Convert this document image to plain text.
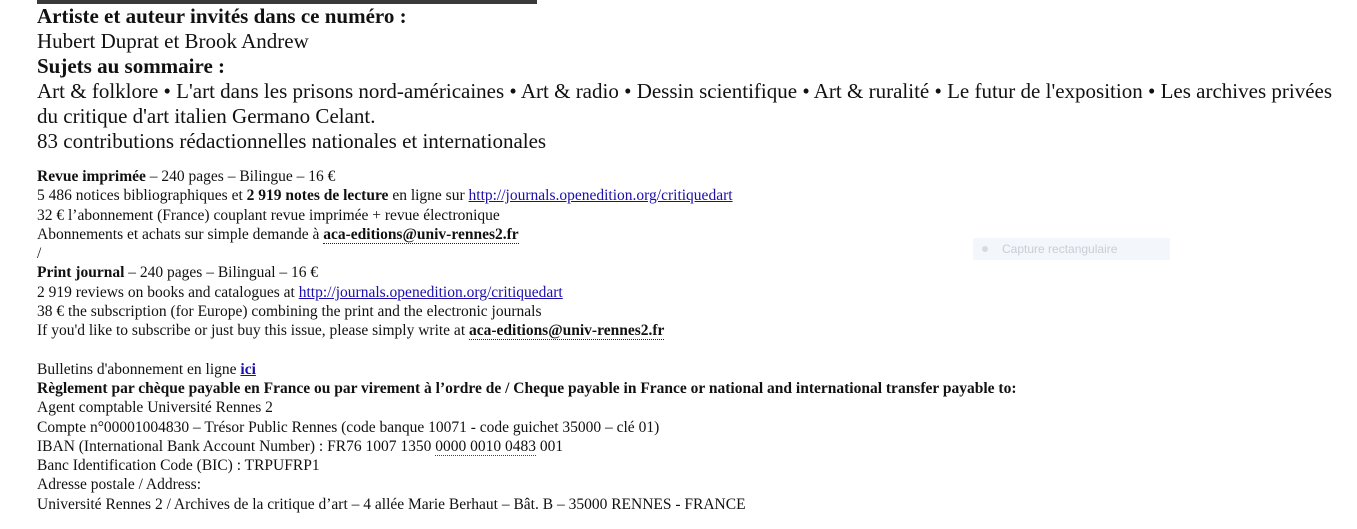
Artiste et auteur invités dans ce numéro :
Hubert Duprat et Brook Andrew
Sujets au sommaire :
Art & folklore • L'art dans les prisons nord-américaines • Art & radio • Dessin scientifique • Art & ruralité • Le futur de l'exposition • Les archives privées du critique d'art italien Germano Celant.
83 contributions rédactionnelles nationales et internationales
Revue imprimée – 240 pages – Bilingue – 16 €
5 486 notices bibliographiques et 2 919 notes de lecture en ligne sur http://journals.openedition.org/critiquedart
32 € l’abonnement (France) couplant revue imprimée + revue électronique
Abonnements et achats sur simple demande à aca-editions@univ-rennes2.fr
/
Print journal – 240 pages – Bilingual – 16 €
2 919 reviews on books and catalogues at http://journals.openedition.org/critiquedart
38 € the subscription (for Europe) combining the print and the electronic journals
If you'd like to subscribe or just buy this issue, please simply write at aca-editions@univ-rennes2.fr
Bulletins d'abonnement en ligne ici
Règlement par chèque payable en France ou par virement à l’ordre de / Cheque payable in France or national and international transfer payable to:
Agent comptable Université Rennes 2
Compte n°00001004830 – Trésor Public Rennes (code banque 10071 - code guichet 35000 – clé 01)
IBAN (International Bank Account Number) : FR76 1007 1350 0000 0010 0483 001
Banc Identification Code (BIC) : TRPUFRP1
Adresse postale / Address:
Université Rennes 2 / Archives de la critique d’art – 4 allée Marie Berhaut – Bât. B – 35000 RENNES - FRANCE
Capture rectangulaire
